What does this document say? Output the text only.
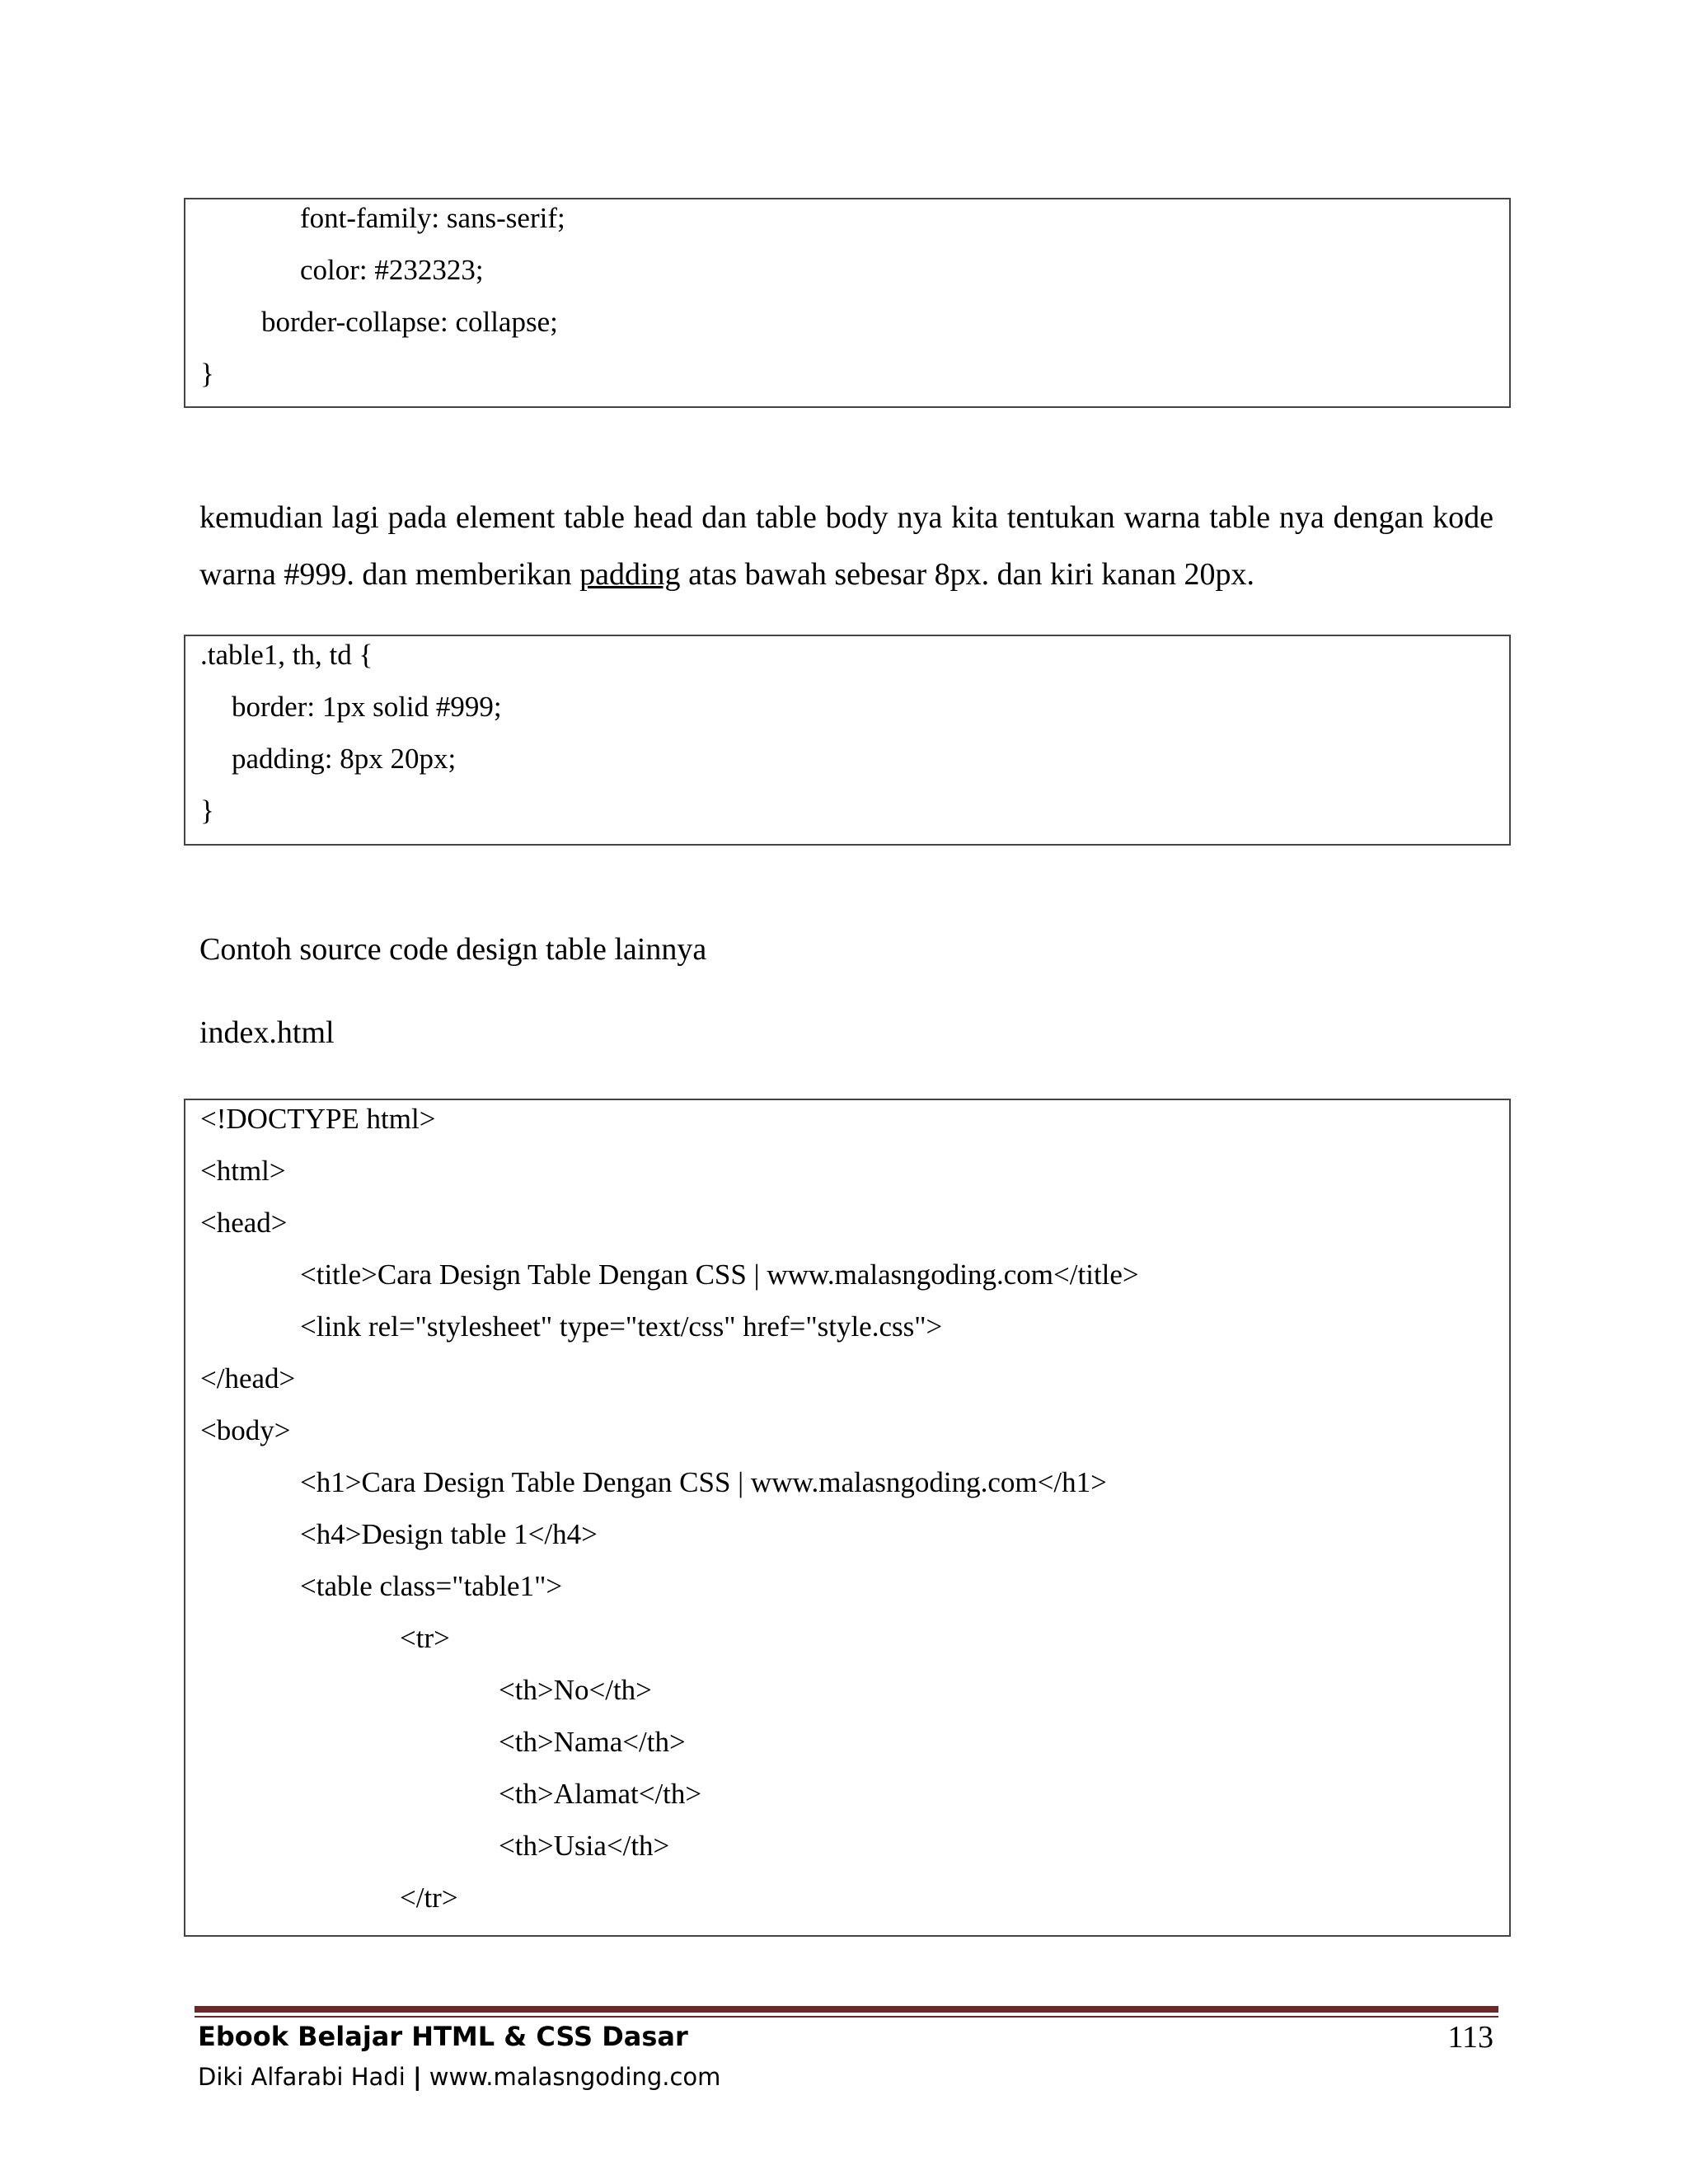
font-family: sans-serif;
color: #232323;
border-collapse: collapse;
}

kemudian lagi pada element table head dan table body nya kita tentukan warna table nya dengan kode warna #999. dan memberikan padding atas bawah sebesar 8px. dan kiri kanan 20px.

.table1, th, td {
border: 1px solid #999;
padding: 8px 20px;
}
Contoh source code design table lainnya
index.html
<!DOCTYPE html>
<html>
<head>
<title>Cara Design Table Dengan CSS | www.malasngoding.com</title>
<link rel="stylesheet" type="text/css" href="style.css">
</head>
<body>
<h1>Cara Design Table Dengan CSS | www.malasngoding.com</h1>
<h4>Design table 1</h4>
<table class="table1">
<tr>
<th>No</th>
<th>Nama</th>
<th>Alamat</th>
<th>Usia</th>
</tr>
Ebook Belajar HTML & CSS Dasar
Diki Alfarabi Hadi | www.malasngoding.com
113
